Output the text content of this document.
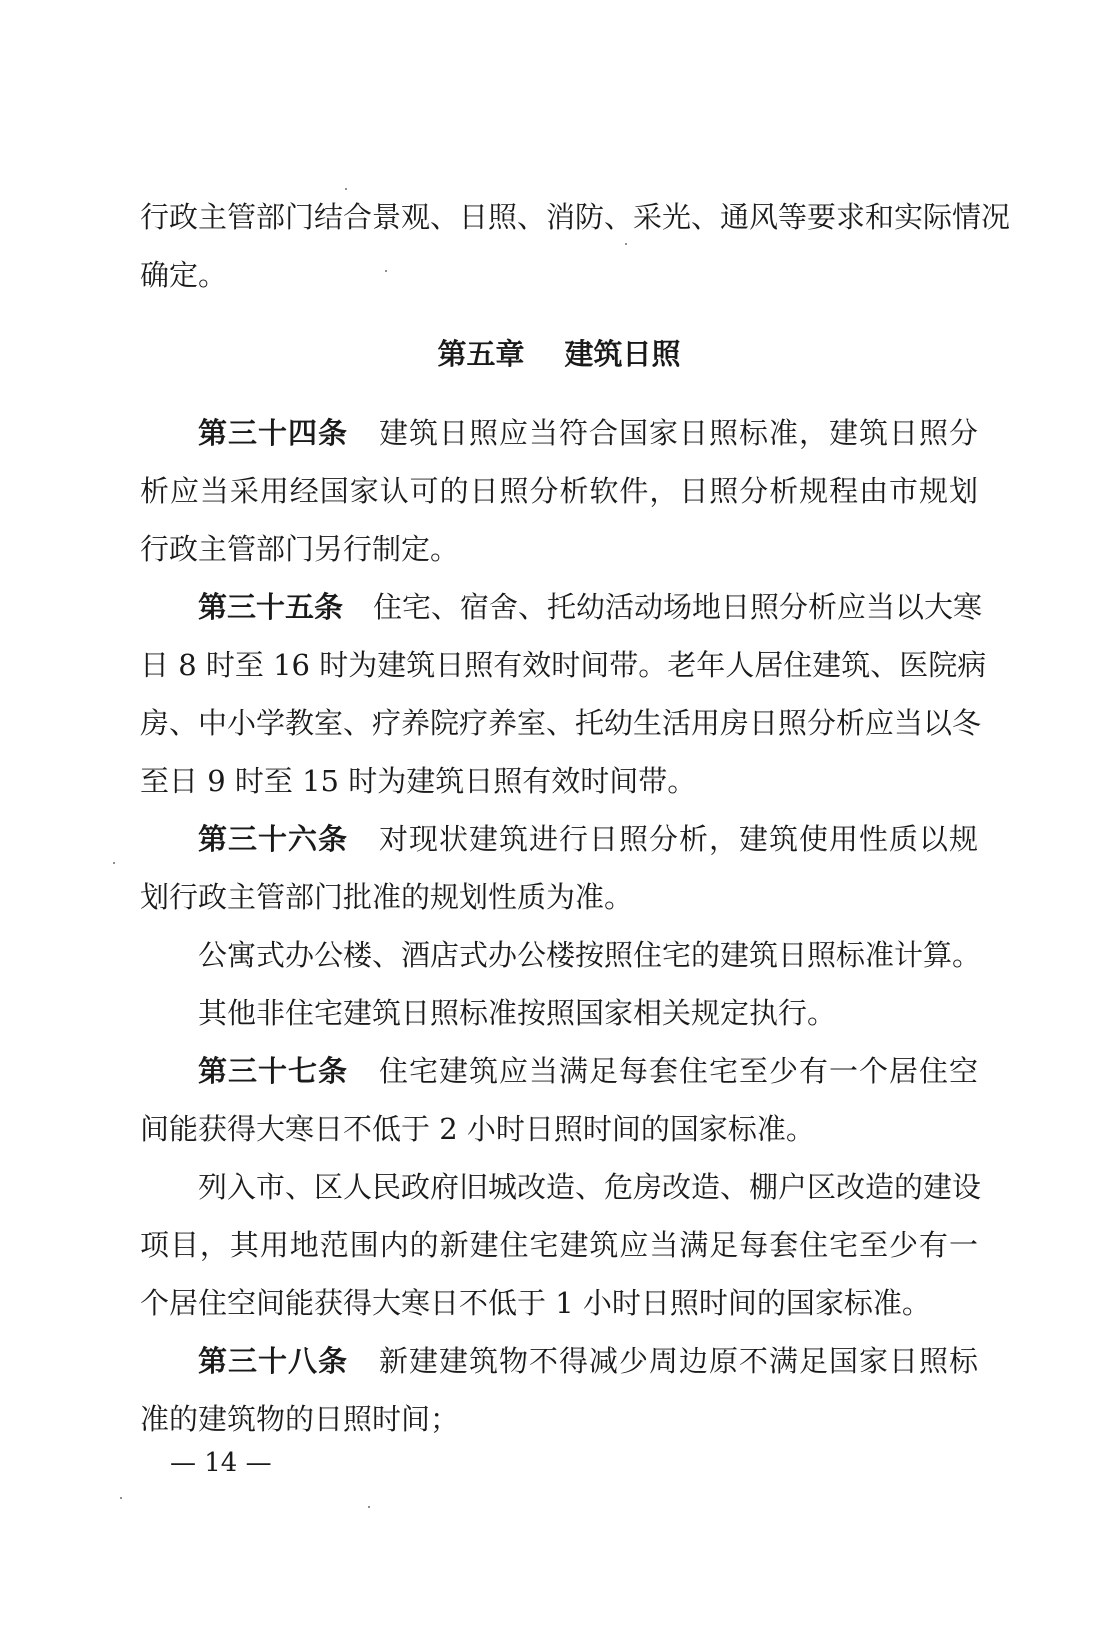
行政主管部门结合景观、日照、消防、采光、通风等要求和实际情况
确定。
第五章 建筑日照
第三十四条 建筑日照应当符合国家日照标准，建筑日照分
析应当采用经国家认可的日照分析软件，日照分析规程由市规划
行政主管部门另行制定。
第三十五条 住宅、宿舍、托幼活动场地日照分析应当以大寒
日 8 时至 16 时为建筑日照有效时间带。老年人居住建筑、医院病
房、中小学教室、疗养院疗养室、托幼生活用房日照分析应当以冬
至日 9 时至 15 时为建筑日照有效时间带。
第三十六条 对现状建筑进行日照分析，建筑使用性质以规
划行政主管部门批准的规划性质为准。
公寓式办公楼、酒店式办公楼按照住宅的建筑日照标准计算。
其他非住宅建筑日照标准按照国家相关规定执行。
第三十七条 住宅建筑应当满足每套住宅至少有一个居住空
间能获得大寒日不低于 2 小时日照时间的国家标准。
列入市、区人民政府旧城改造、危房改造、棚户区改造的建设
项目，其用地范围内的新建住宅建筑应当满足每套住宅至少有一
个居住空间能获得大寒日不低于 1 小时日照时间的国家标准。
第三十八条 新建建筑物不得减少周边原不满足国家日照标
准的建筑物的日照时间；
— 14 —
